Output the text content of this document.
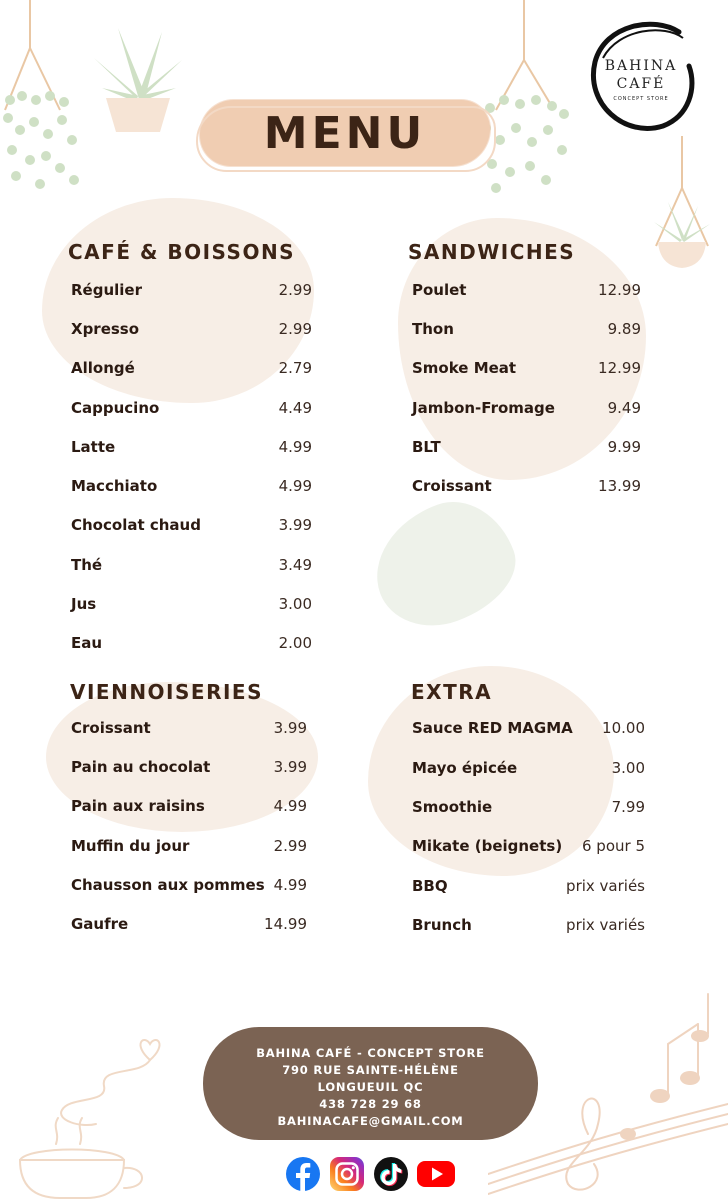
BAHINA
CAFÉ
CONCEPT STORE
MENU
CAFÉ & BOISSONS
Régulier	2.99
Xpresso	2.99
Allongé	2.79
Cappucino	4.49
Latte	4.99
Macchiato	4.99
Chocolat chaud	3.99
Thé	3.49
Jus	3.00
Eau	2.00
SANDWICHES
Poulet	12.99
Thon	9.89
Smoke Meat	12.99
Jambon-Fromage	9.49
BLT	9.99
Croissant	13.99
VIENNOISERIES
Croissant	3.99
Pain au chocolat	3.99
Pain aux raisins	4.99
Muffin du jour	2.99
Chausson aux pommes 4.99
Gaufre	14.99
EXTRA
Sauce RED MAGMA 10.00
Mayo épicée	3.00
Smoothie	7.99
Mikate (beignets) 6 pour 5
BBQ	prix variés
Brunch	prix variés
BAHINA CAFÉ - CONCEPT STORE
790 RUE SAINTE-HÉLÈNE
LONGUEUIL QC
438 728 29 68
BAHINACAFE@GMAIL.COM
